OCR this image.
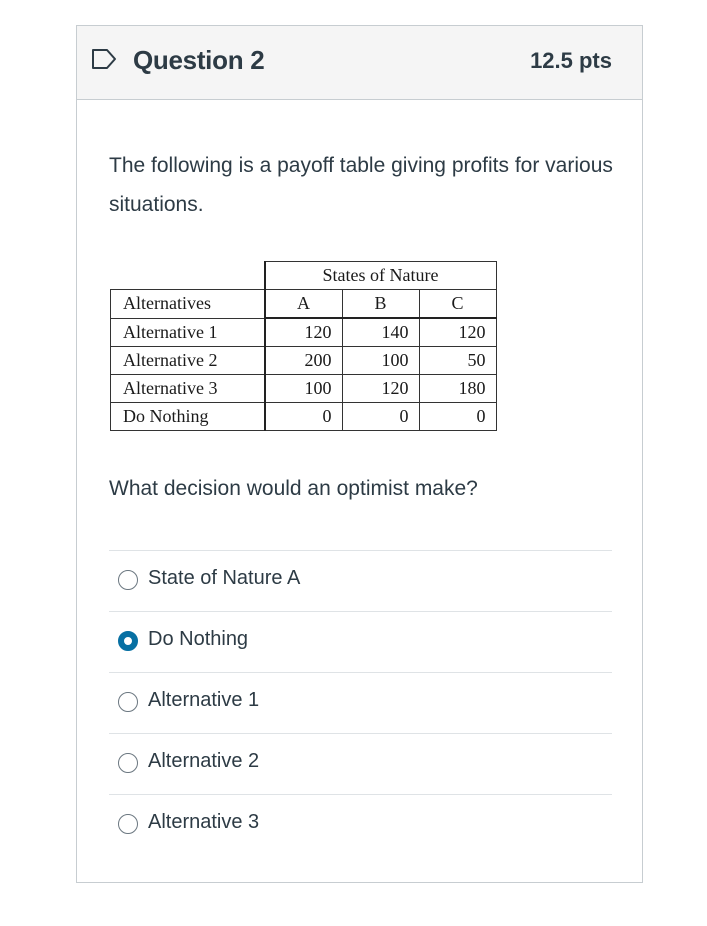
Question 2	12.5 pts
The following is a payoff table giving profits for various situations.
	States of Nature		
Alternatives	A	B	C
Alternative 1	120	140	120
Alternative 2	200	100	50
Alternative 3	100	120	180
Do Nothing	0	0	0
What decision would an optimist make?
State of Nature A
Do Nothing
Alternative 1
Alternative 2
Alternative 3
